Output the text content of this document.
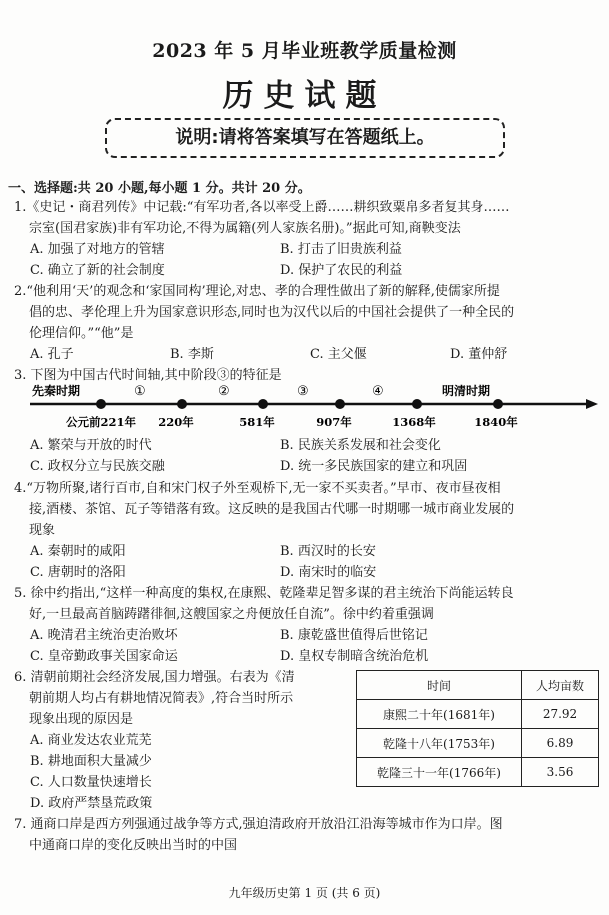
2023 年 5 月毕业班教学质量检测
历史试题
说明:请将答案填写在答题纸上。
一、选择题:共 20 小题,每小题 1 分。共计 20 分。
1.《史记・商君列传》中记载:“有军功者,各以率受上爵……耕织致粟帛多者复其身……
宗室(国君家族)非有军功论,不得为属籍(列人家族名册)。”据此可知,商鞅变法
A. 加强了对地方的管辖	B. 打击了旧贵族利益
C. 确立了新的社会制度	D. 保护了农民的利益
2.“他利用‘天’的观念和‘家国同构’理论,对忠、孝的合理性做出了新的解释,使儒家所提
倡的忠、孝伦理上升为国家意识形态,同时也为汉代以后的中国社会提供了一种全民的
伦理信仰。”“他”是
A. 孔子	B. 李斯	C. 主父偃	D. 董仲舒
3. 下图为中国古代时间轴,其中阶段③的特征是
先秦时期	明清时期
①	②	③	④
公元前221年 220年	581年	907年	1368年	1840年
A. 繁荣与开放的时代	B. 民族关系发展和社会变化
C. 政权分立与民族交融	D. 统一多民族国家的建立和巩固
4.“万物所聚,诸行百市,自和宋门权子外至观桥下,无一家不买卖者。”早市、夜市昼夜相
接,酒楼、茶馆、瓦子等错落有致。这反映的是我国古代哪一时期哪一城市商业发展的
现象
A. 秦朝时的咸阳	B. 西汉时的长安
C. 唐朝时的洛阳	D. 南宋时的临安
5. 徐中约指出,“这样一种高度的集权,在康熙、乾隆辈足智多谋的君主统治下尚能运转良
好,一旦最高首脑踌躇徘徊,这艘国家之舟便放任自流”。徐中约着重强调
A. 晚清君主统治吏治败坏	B. 康乾盛世值得后世铭记
C. 皇帝勤政事关国家命运	D. 皇权专制暗含统治危机
6. 清朝前期社会经济发展,国力增强。右表为《清
朝前期人均占有耕地情况简表》,符合当时所示
现象出现的原因是
A. 商业发达农业荒芜
B. 耕地面积大量减少
C. 人口数量快速增长
D. 政府严禁垦荒政策
时间	人均亩数
康熙二十年(1681年)	27.92
乾隆十八年(1753年)	6.89
乾隆三十一年(1766年)	3.56
7. 通商口岸是西方列强通过战争等方式,强迫清政府开放沿江沿海等城市作为口岸。图
中通商口岸的变化反映出当时的中国
九年级历史第 1 页 (共 6 页)
